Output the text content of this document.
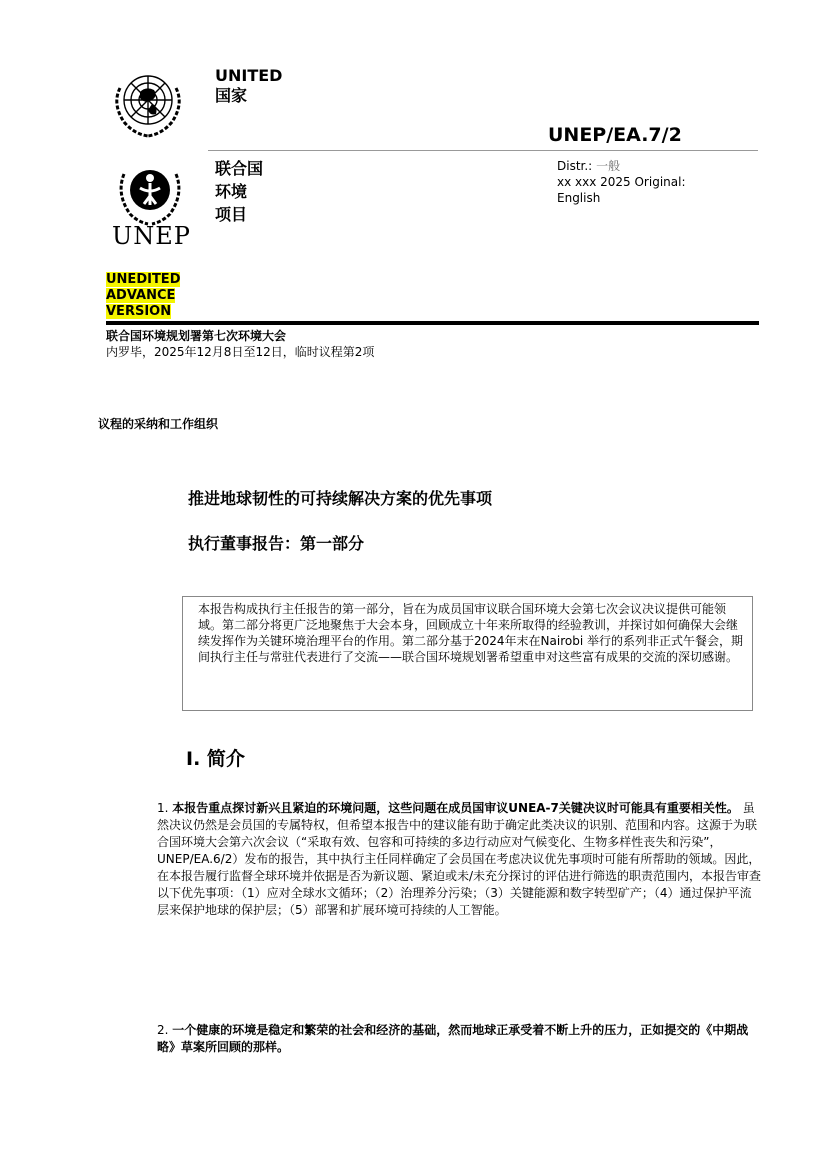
UNITED
国家
UNEP/EA.7/2
UNEP
联合国
环境
项目
Distr.: 一般
xx xxx 2025 Original:
English
UNEDITED
ADVANCE
VERSION
联合国环境规划署第七次环境大会
内罗毕，2025年12月8日至12日，临时议程第2项
议程的采纳和工作组织
推进地球韧性的可持续解决方案的优先事项
执行董事报告：第一部分
本报告构成执行主任报告的第一部分，旨在为成员国审议联合国环境大会第七次会议决议提供可能领域。第二部分将更广泛地聚焦于大会本身，回顾成立十年来所取得的经验教训，并探讨如何确保大会继续发挥作为关键环境治理平台的作用。第二部分基于2024年末在Nairobi 举行的系列非正式午餐会，期间执行主任与常驻代表进行了交流——联合国环境规划署希望重申对这些富有成果的交流的深切感谢。
I. 简介
1. 本报告重点探讨新兴且紧迫的环境问题，这些问题在成员国审议UNEA-7关键决议时可能具有重要相关性。 虽然决议仍然是会员国的专属特权，但希望本报告中的建议能有助于确定此类决议的识别、范围和内容。这源于为联合国环境大会第六次会议（“采取有效、包容和可持续的多边行动应对气候变化、生物多样性丧失和污染”，UNEP/EA.6/2）发布的报告，其中执行主任同样确定了会员国在考虑决议优先事项时可能有所帮助的领域。因此，在本报告履行监督全球环境并依据是否为新议题、紧迫或未/未充分探讨的评估进行筛选的职责范围内，本报告审查以下优先事项：（1）应对全球水文循环；（2）治理养分污染；（3）关键能源和数字转型矿产；（4）通过保护平流层来保护地球的保护层；（5）部署和扩展环境可持续的人工智能。
2. 一个健康的环境是稳定和繁荣的社会和经济的基础，然而地球正承受着不断上升的压力，正如提交的《中期战略》草案所回顾的那样。
